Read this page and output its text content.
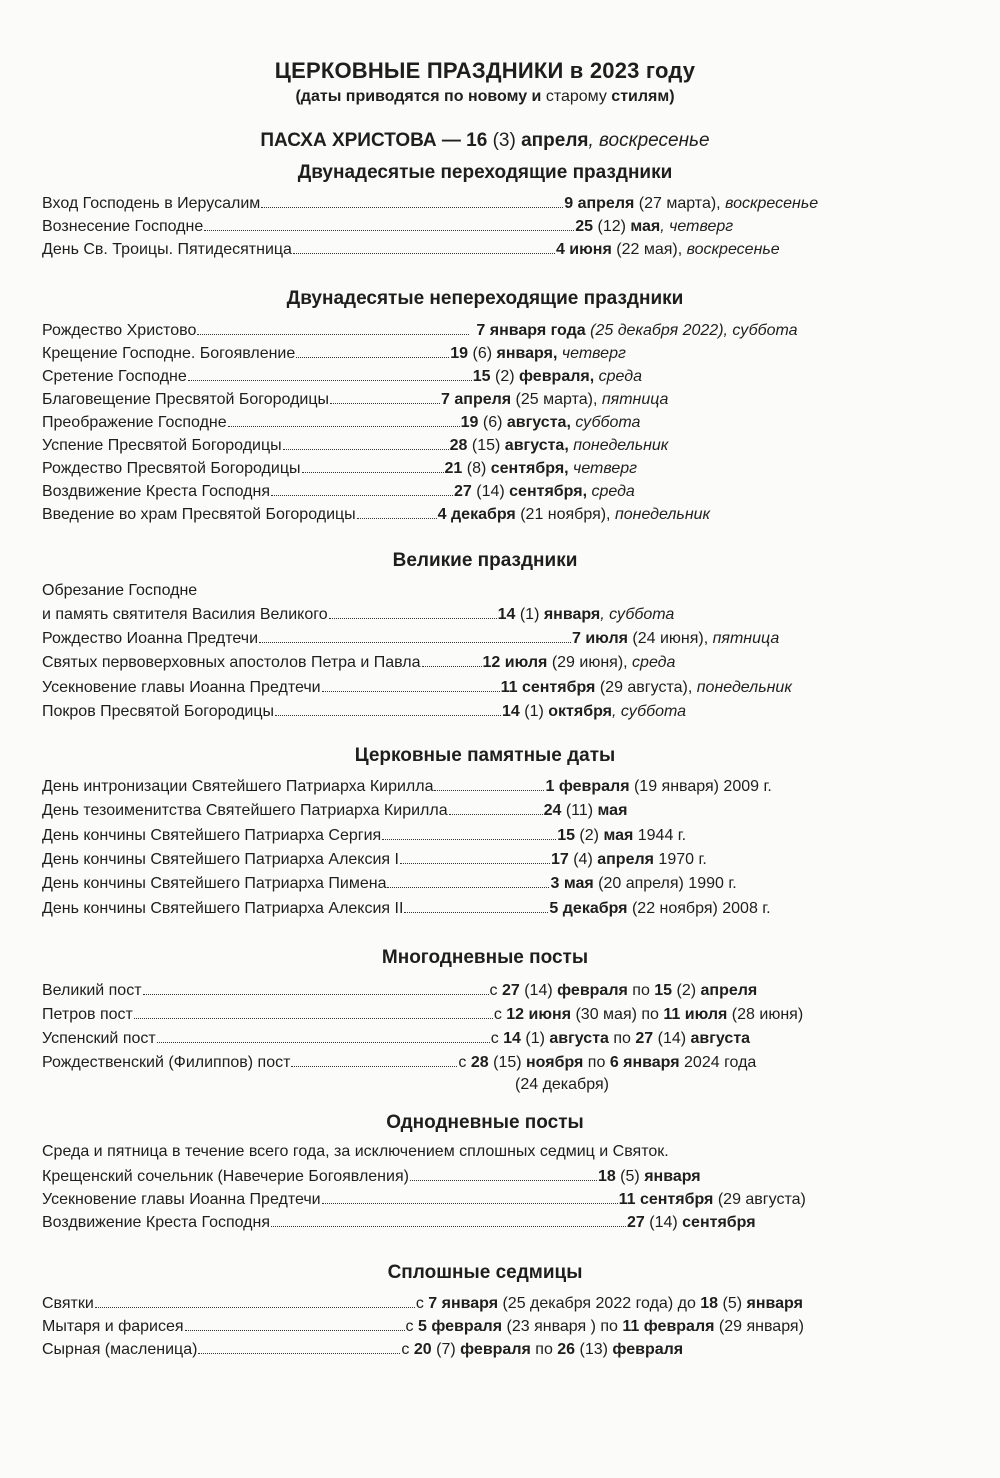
ЦЕРКОВНЫЕ ПРАЗДНИКИ в 2023 году
(даты приводятся по новому и старому стилям)
ПАСХА ХРИСТОВА — 16 (3) апреля, воскресенье
Двунадесятые переходящие праздники
Вход Господень в Иерусалим	9 апреля (27 марта), воскресенье
Вознесение Господне	25 (12) мая, четверг
День Св. Троицы. Пятидесятница	4 июня (22 мая), воскресенье
Двунадесятые непереходящие праздники
Рождество Христово	7 января года (25 декабря 2022), суббота
Крещение Господне. Богоявление	19 (6) января, четверг
Сретение Господне	15 (2) февраля, среда
Благовещение Пресвятой Богородицы	7 апреля (25 марта), пятница
Преображение Господне	19 (6) августа, суббота
Успение Пресвятой Богородицы	28 (15) августа, понедельник
Рождество Пресвятой Богородицы	21 (8) сентября, четверг
Воздвижение Креста Господня	27 (14) сентября, среда
Введение во храм Пресвятой Богородицы	4 декабря (21 ноября), понедельник
Великие праздники
Обрезание Господне
и память святителя Василия Великого	14 (1) января, суббота
Рождество Иоанна Предтечи	7 июля (24 июня), пятница
Святых первоверховных апостолов Петра и Павла	12 июля (29 июня), среда
Усекновение главы Иоанна Предтечи	11 сентября (29 августа), понедельник
Покров Пресвятой Богородицы	14 (1) октября, суббота
Церковные памятные даты
День интронизации Святейшего Патриарха Кирилла	1 февраля (19 января) 2009 г.
День тезоименитства Святейшего Патриарха Кирилла	24 (11) мая
День кончины Святейшего Патриарха Сергия	15 (2) мая 1944 г.
День кончины Святейшего Патриарха Алексия I	17 (4) апреля 1970 г.
День кончины Святейшего Патриарха Пимена	3 мая (20 апреля) 1990 г.
День кончины Святейшего Патриарха Алексия II	5 декабря (22 ноября) 2008 г.
Многодневные посты
Великий пост	с 27 (14) февраля по 15 (2) апреля
Петров пост	с 12 июня (30 мая) по 11 июля (28 июня)
Успенский пост	с 14 (1) августа по 27 (14) августа
Рождественский (Филиппов) пост	с 28 (15) ноября по 6 января 2024 года
(24 декабря)
Однодневные посты
Среда и пятница в течение всего года, за исключением сплошных седмиц и Святок.
Крещенский сочельник (Навечерие Богоявления)	18 (5) января
Усекновение главы Иоанна Предтечи	11 сентября (29 августа)
Воздвижение Креста Господня	27 (14) сентября
Сплошные седмицы
Святки	с 7 января (25 декабря 2022 года) до 18 (5) января
Мытаря и фарисея	с 5 февраля (23 января ) по 11 февраля (29 января)
Сырная (масленица)	с 20 (7) февраля по 26 (13) февраля
